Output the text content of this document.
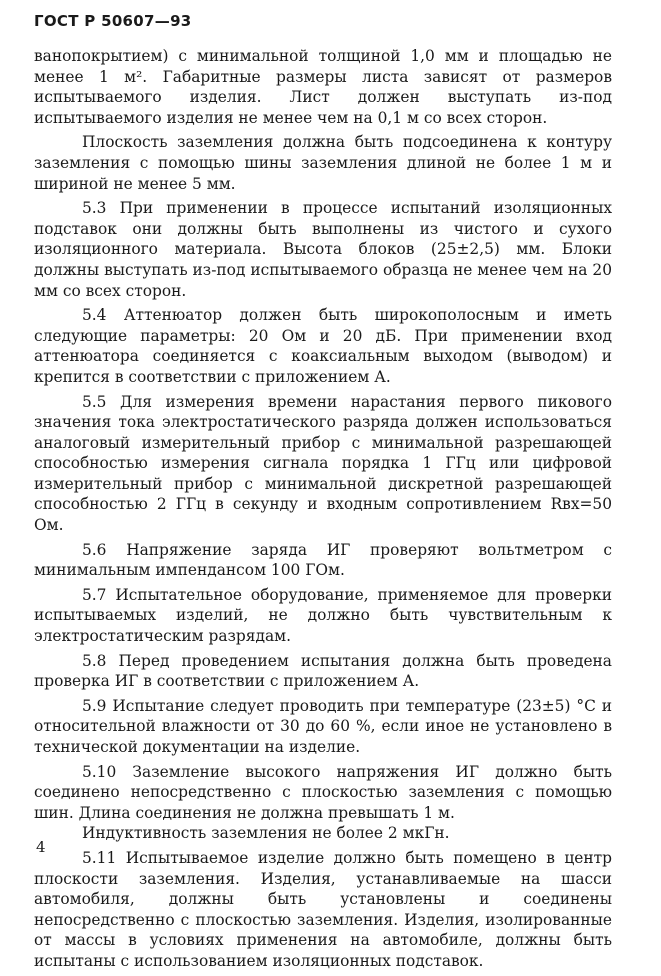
ГОСТ Р 50607—93

ванопокрытием) с минимальной толщиной 1,0 мм и площадью не менее 1 м². Габаритные размеры листа зависят от размеров испытываемого изделия. Лист должен выступать из-под испытываемого изделия не менее чем на 0,1 м со всех сторон.

Плоскость заземления должна быть подсоединена к контуру заземления с помощью шины заземления длиной не более 1 м и шириной не менее 5 мм.

5.3 При применении в процессе испытаний изоляционных подставок они должны быть выполнены из чистого и сухого изоляционного материала. Высота блоков (25±2,5) мм. Блоки должны выступать из-под испытываемого образца не менее чем на 20 мм со всех сторон.

5.4 Аттенюатор должен быть широкополосным и иметь следующие параметры: 20 Ом и 20 дБ. При применении вход аттенюатора соединяется с коаксиальным выходом (выводом) и крепится в соответствии с приложением А.

5.5 Для измерения времени нарастания первого пикового значения тока электростатического разряда должен использоваться аналоговый измерительный прибор с минимальной разрешающей способностью измерения сигнала порядка 1 ГГц или цифровой измерительный прибор с минимальной дискретной разрешающей способностью 2 ГГц в секунду и входным сопротивлением Rвх=50 Ом.

5.6 Напряжение заряда ИГ проверяют вольтметром с минимальным импендансом 100 ГОм.

5.7 Испытательное оборудование, применяемое для проверки испытываемых изделий, не должно быть чувствительным к электростатическим разрядам.

5.8 Перед проведением испытания должна быть проведена проверка ИГ в соответствии с приложением А.

5.9 Испытание следует проводить при температуре (23±5) °С и относительной влажности от 30 до 60 %, если иное не установлено в технической документации на изделие.

5.10 Заземление высокого напряжения ИГ должно быть соединено непосредственно с плоскостью заземления с помощью шин. Длина соединения не должна превышать 1 м.

Индуктивность заземления не более 2 мкГн.

5.11 Испытываемое изделие должно быть помещено в центр плоскости заземления. Изделия, устанавливаемые на шасси автомобиля, должны быть установлены и соединены непосредственно с плоскостью заземления. Изделия, изолированные от массы в условиях применения на автомобиле, должны быть испытаны с использованием изоляционных подставок.

4
